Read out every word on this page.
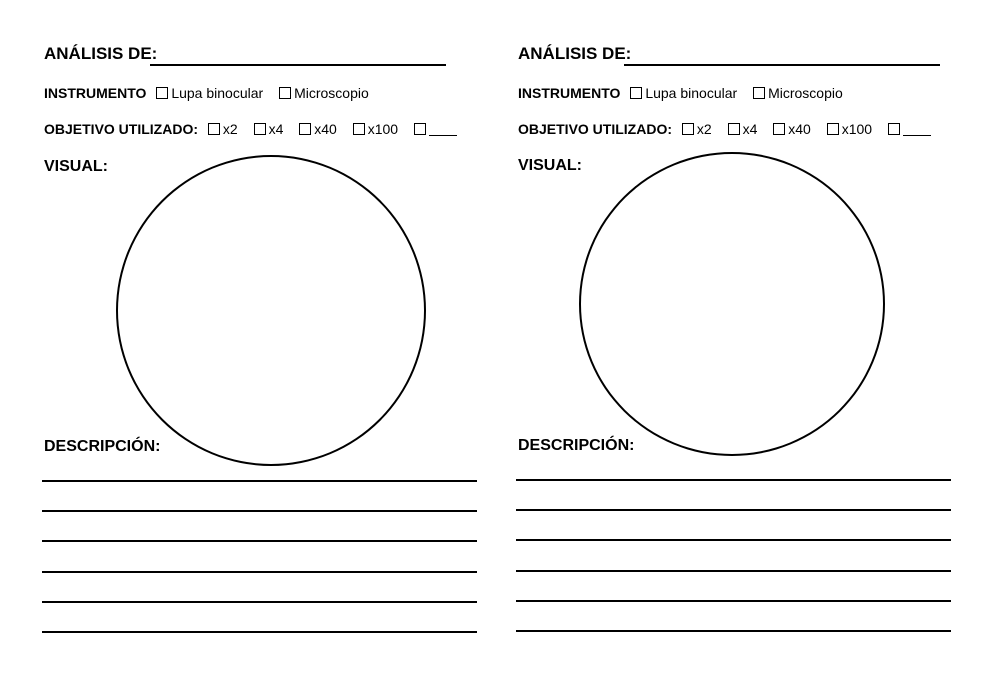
ANÁLISIS DE:
INSTRUMENTO Lupa binocular Microscopio
OBJETIVO UTILIZADO: x2 x4 x40 x100
VISUAL:
DESCRIPCIÓN:
ANÁLISIS DE:
INSTRUMENTO Lupa binocular Microscopio
OBJETIVO UTILIZADO: x2 x4 x40 x100
VISUAL:
DESCRIPCIÓN:
